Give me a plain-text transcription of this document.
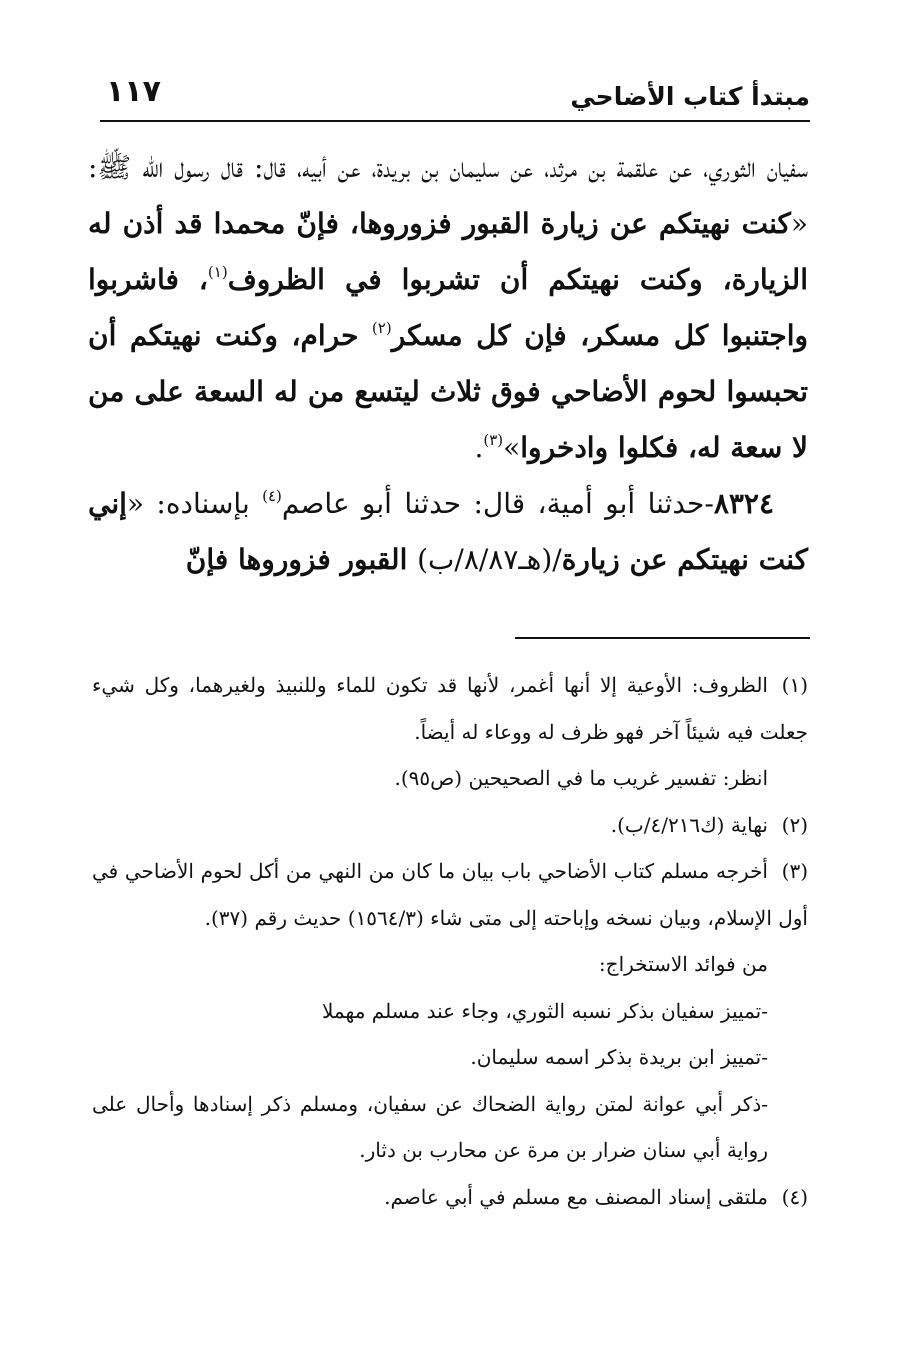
مبتدأ كتاب الأضاحي
١١٧

سفيان الثوري، عن علقمة بن مرثد، عن سليمان بن بريدة، عن أبيه، قال: قال رسول الله ﷺ: «كنت نهيتكم عن زيارة القبور فزوروها، فإنّ محمدا قد أذن له الزيارة، وكنت نهيتكم أن تشربوا في الظروف$^{(١)}$، فاشربوا واجتنبوا كل مسكر، فإن كل مسكر$^{(٢)}$ حرام، وكنت نهيتكم أن تحبسوا لحوم الأضاحي فوق ثلاث ليتسع من له السعة على من لا سعة له، فكلوا وادخروا»$^{(٣)}$.

٨٣٢٤-حدثنا أبو أمية، قال: حدثنا أبو عاصم$^{(٤)}$ بإسناده: «إني كنت نهيتكم عن زيارة/(هـ٨/٨٧/ب) القبور فزوروها فإنّ

(١)الظروف: الأوعية إلا أنها أغمر، لأنها قد تكون للماء وللنبيذ ولغيرهما، وكل شيء جعلت فيه شيئاً آخر فهو ظرف له ووعاء له أيضاً.

انظر: تفسير غريب ما في الصحيحين (ص٩٥).

(٢)نهاية (ك٤/٢١٦/ب).

(٣)أخرجه مسلم كتاب الأضاحي باب بيان ما كان من النهي من أكل لحوم الأضاحي في أول الإسلام، وبيان نسخه وإباحته إلى متى شاء (١٥٦٤/٣) حديث رقم (٣٧).

من فوائد الاستخراج:

-تمييز سفيان بذكر نسبه الثوري، وجاء عند مسلم مهملا

-تمييز ابن بريدة بذكر اسمه سليمان.

-ذكر أبي عوانة لمتن رواية الضحاك عن سفيان، ومسلم ذكر إسنادها وأحال على رواية أبي سنان ضرار بن مرة عن محارب بن دثار.

(٤)ملتقى إسناد المصنف مع مسلم في أبي عاصم.
